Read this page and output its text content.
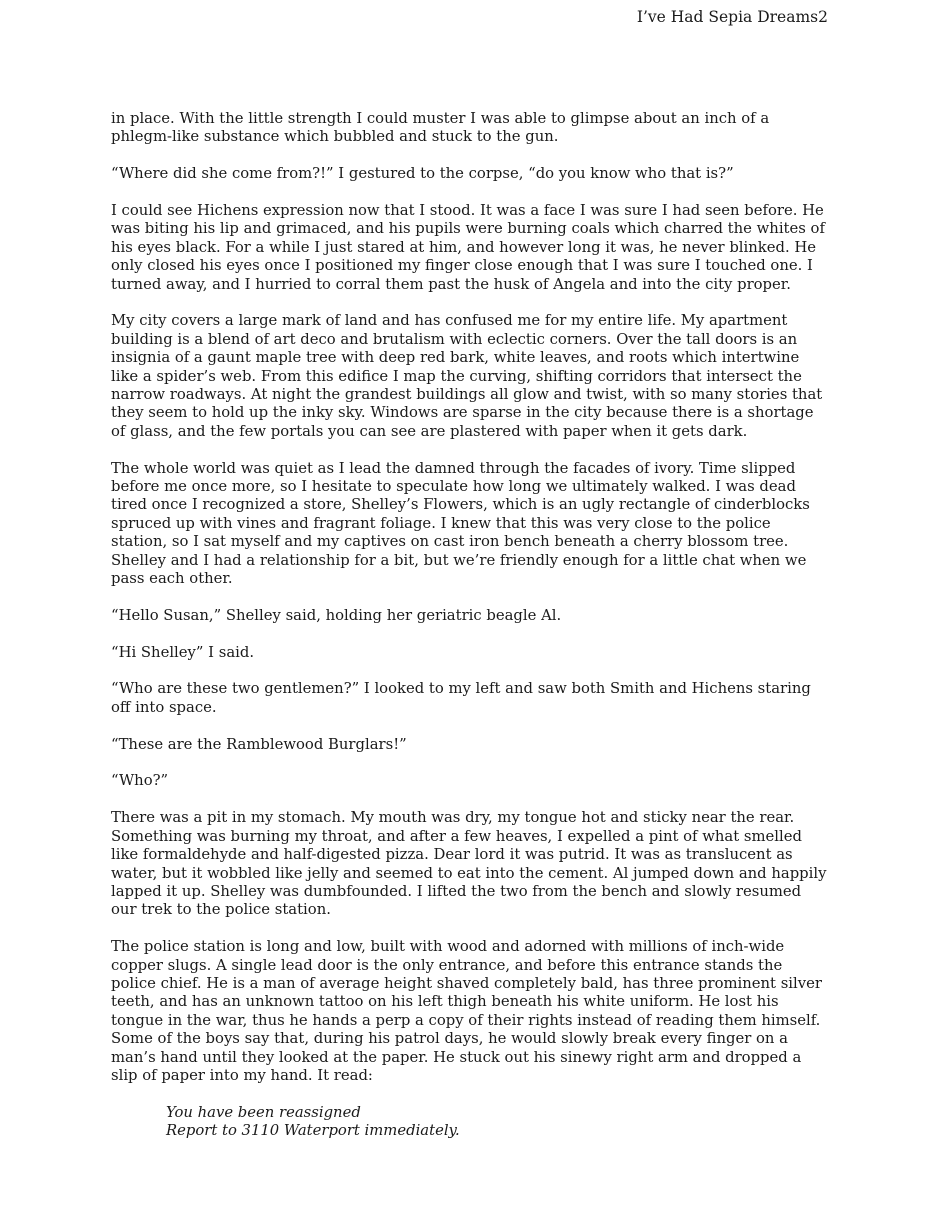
I’ve Had Sepia Dreams2

in place. With the little strength I could muster I was able to glimpse about an inch of a phlegm-like substance which bubbled and stuck to the gun.

“Where did she come from?!” I gestured to the corpse, “do you know who that is?”

I could see Hichens expression now that I stood. It was a face I was sure I had seen before. He was biting his lip and grimaced, and his pupils were burning coals which charred the whites of his eyes black. For a while I just stared at him, and however long it was, he never blinked. He only closed his eyes once I positioned my finger close enough that I was sure I touched one. I turned away, and I hurried to corral them past the husk of Angela and into the city proper.

My city covers a large mark of land and has confused me for my entire life. My apartment building is a blend of art deco and brutalism with eclectic corners. Over the tall doors is an insignia of a gaunt maple tree with deep red bark, white leaves, and roots which intertwine like a spider’s web. From this edifice I map the curving, shifting corridors that intersect the narrow roadways. At night the grandest buildings all glow and twist, with so many stories that they seem to hold up the inky sky. Windows are sparse in the city because there is a shortage of glass, and the few portals you can see are plastered with paper when it gets dark.

The whole world was quiet as I lead the damned through the facades of ivory. Time slipped before me once more, so I hesitate to speculate how long we ultimately walked. I was dead tired once I recognized a store, Shelley’s Flowers, which is an ugly rectangle of cinderblocks spruced up with vines and fragrant foliage. I knew that this was very close to the police station, so I sat myself and my captives on cast iron bench beneath a cherry blossom tree. Shelley and I had a relationship for a bit, but we’re friendly enough for a little chat when we pass each other.

“Hello Susan,” Shelley said, holding her geriatric beagle Al.

“Hi Shelley” I said.

“Who are these two gentlemen?” I looked to my left and saw both Smith and Hichens staring off into space.

“These are the Ramblewood Burglars!”

“Who?”

There was a pit in my stomach. My mouth was dry, my tongue hot and sticky near the rear. Something was burning my throat, and after a few heaves, I expelled a pint of what smelled like formaldehyde and half-digested pizza. Dear lord it was putrid. It was as translucent as water, but it wobbled like jelly and seemed to eat into the cement. Al jumped down and happily lapped it up. Shelley was dumbfounded. I lifted the two from the bench and slowly resumed our trek to the police station.

The police station is long and low, built with wood and adorned with millions of inch-wide copper slugs. A single lead door is the only entrance, and before this entrance stands the police chief. He is a man of average height shaved completely bald, has three prominent silver teeth, and has an unknown tattoo on his left thigh beneath his white uniform. He lost his tongue in the war, thus he hands a perp a copy of their rights instead of reading them himself. Some of the boys say that, during his patrol days, he would slowly break every finger on a man’s hand until they looked at the paper. He stuck out his sinewy right arm and dropped a slip of paper into my hand. It read:

You have been reassigned
Report to 3110 Waterport immediately.
